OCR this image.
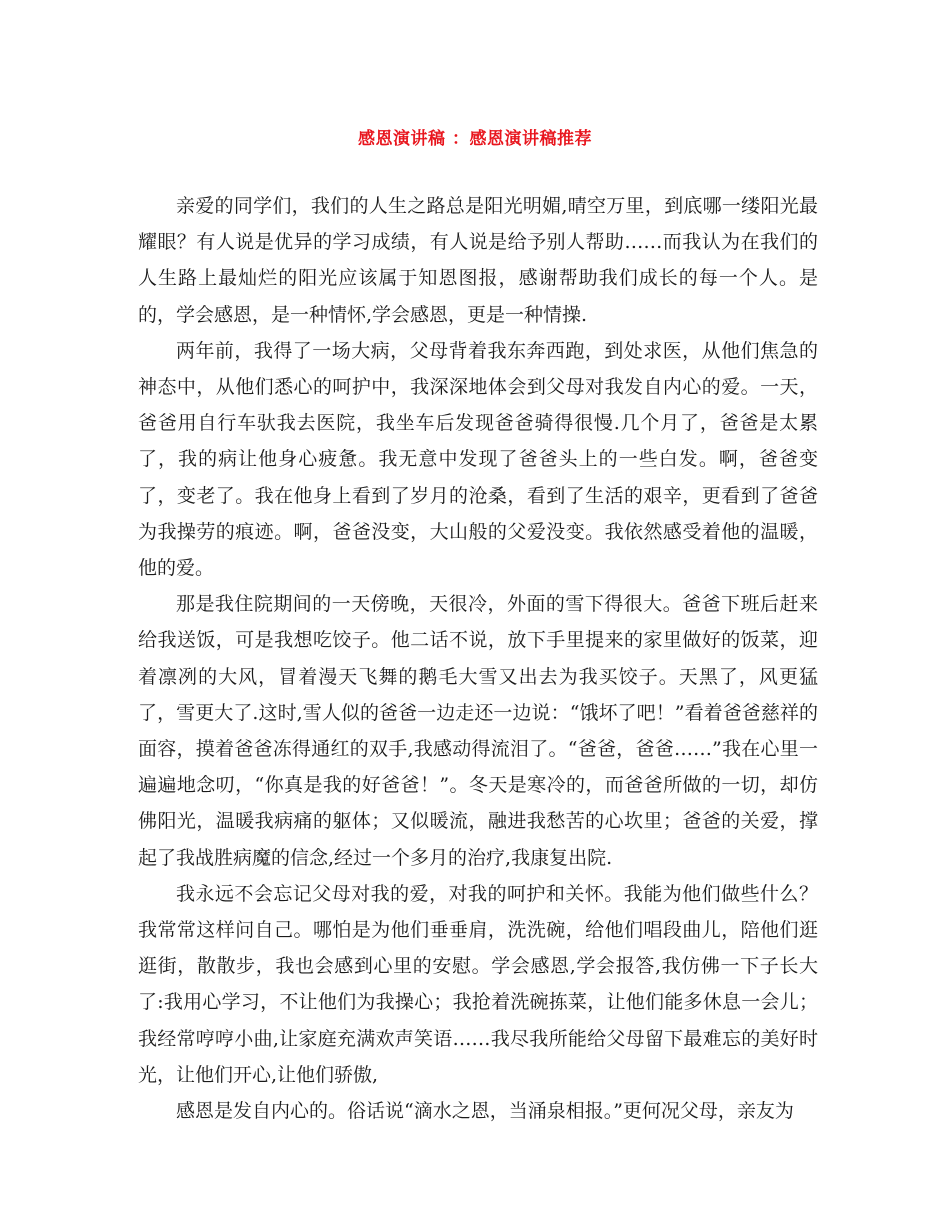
感恩演讲稿 ：感恩演讲稿推荐

亲爱的同学们，我们的人生之路总是阳光明媚,晴空万里，到底哪一缕阳光最耀眼？有人说是优异的学习成绩，有人说是给予别人帮助……而我认为在我们的人生路上最灿烂的阳光应该属于知恩图报，感谢帮助我们成长的每一个人。是的，学会感恩，是一种情怀,学会感恩，更是一种情操.

两年前，我得了一场大病，父母背着我东奔西跑，到处求医，从他们焦急的神态中，从他们悉心的呵护中，我深深地体会到父母对我发自内心的爱。一天，爸爸用自行车驮我去医院，我坐车后发现爸爸骑得很慢.几个月了，爸爸是太累了，我的病让他身心疲惫。我无意中发现了爸爸头上的一些白发。啊，爸爸变了，变老了。我在他身上看到了岁月的沧桑，看到了生活的艰辛，更看到了爸爸为我操劳的痕迹。啊，爸爸没变，大山般的父爱没变。我依然感受着他的温暖，他的爱。

那是我住院期间的一天傍晚，天很冷，外面的雪下得很大。爸爸下班后赶来给我送饭，可是我想吃饺子。他二话不说，放下手里提来的家里做好的饭菜，迎着凛冽的大风，冒着漫天飞舞的鹅毛大雪又出去为我买饺子。天黑了，风更猛了，雪更大了.这时,雪人似的爸爸一边走还一边说：“饿坏了吧！”看着爸爸慈祥的面容，摸着爸爸冻得通红的双手,我感动得流泪了。“爸爸，爸爸……”我在心里一遍遍地念叨，“你真是我的好爸爸！”。冬天是寒冷的，而爸爸所做的一切，却仿佛阳光，温暖我病痛的躯体；又似暖流，融进我愁苦的心坎里；爸爸的关爱，撑起了我战胜病魔的信念,经过一个多月的治疗,我康复出院.

我永远不会忘记父母对我的爱，对我的呵护和关怀。我能为他们做些什么？我常常这样问自己。哪怕是为他们垂垂肩，洗洗碗，给他们唱段曲儿，陪他们逛逛街，散散步，我也会感到心里的安慰。学会感恩,学会报答,我仿佛一下子长大了:我用心学习，不让他们为我操心；我抢着洗碗拣菜，让他们能多休息一会儿；我经常哼哼小曲,让家庭充满欢声笑语……我尽我所能给父母留下最难忘的美好时光，让他们开心,让他们骄傲,

感恩是发自内心的。俗话说“滴水之恩，当涌泉相报。”更何况父母，亲友为
